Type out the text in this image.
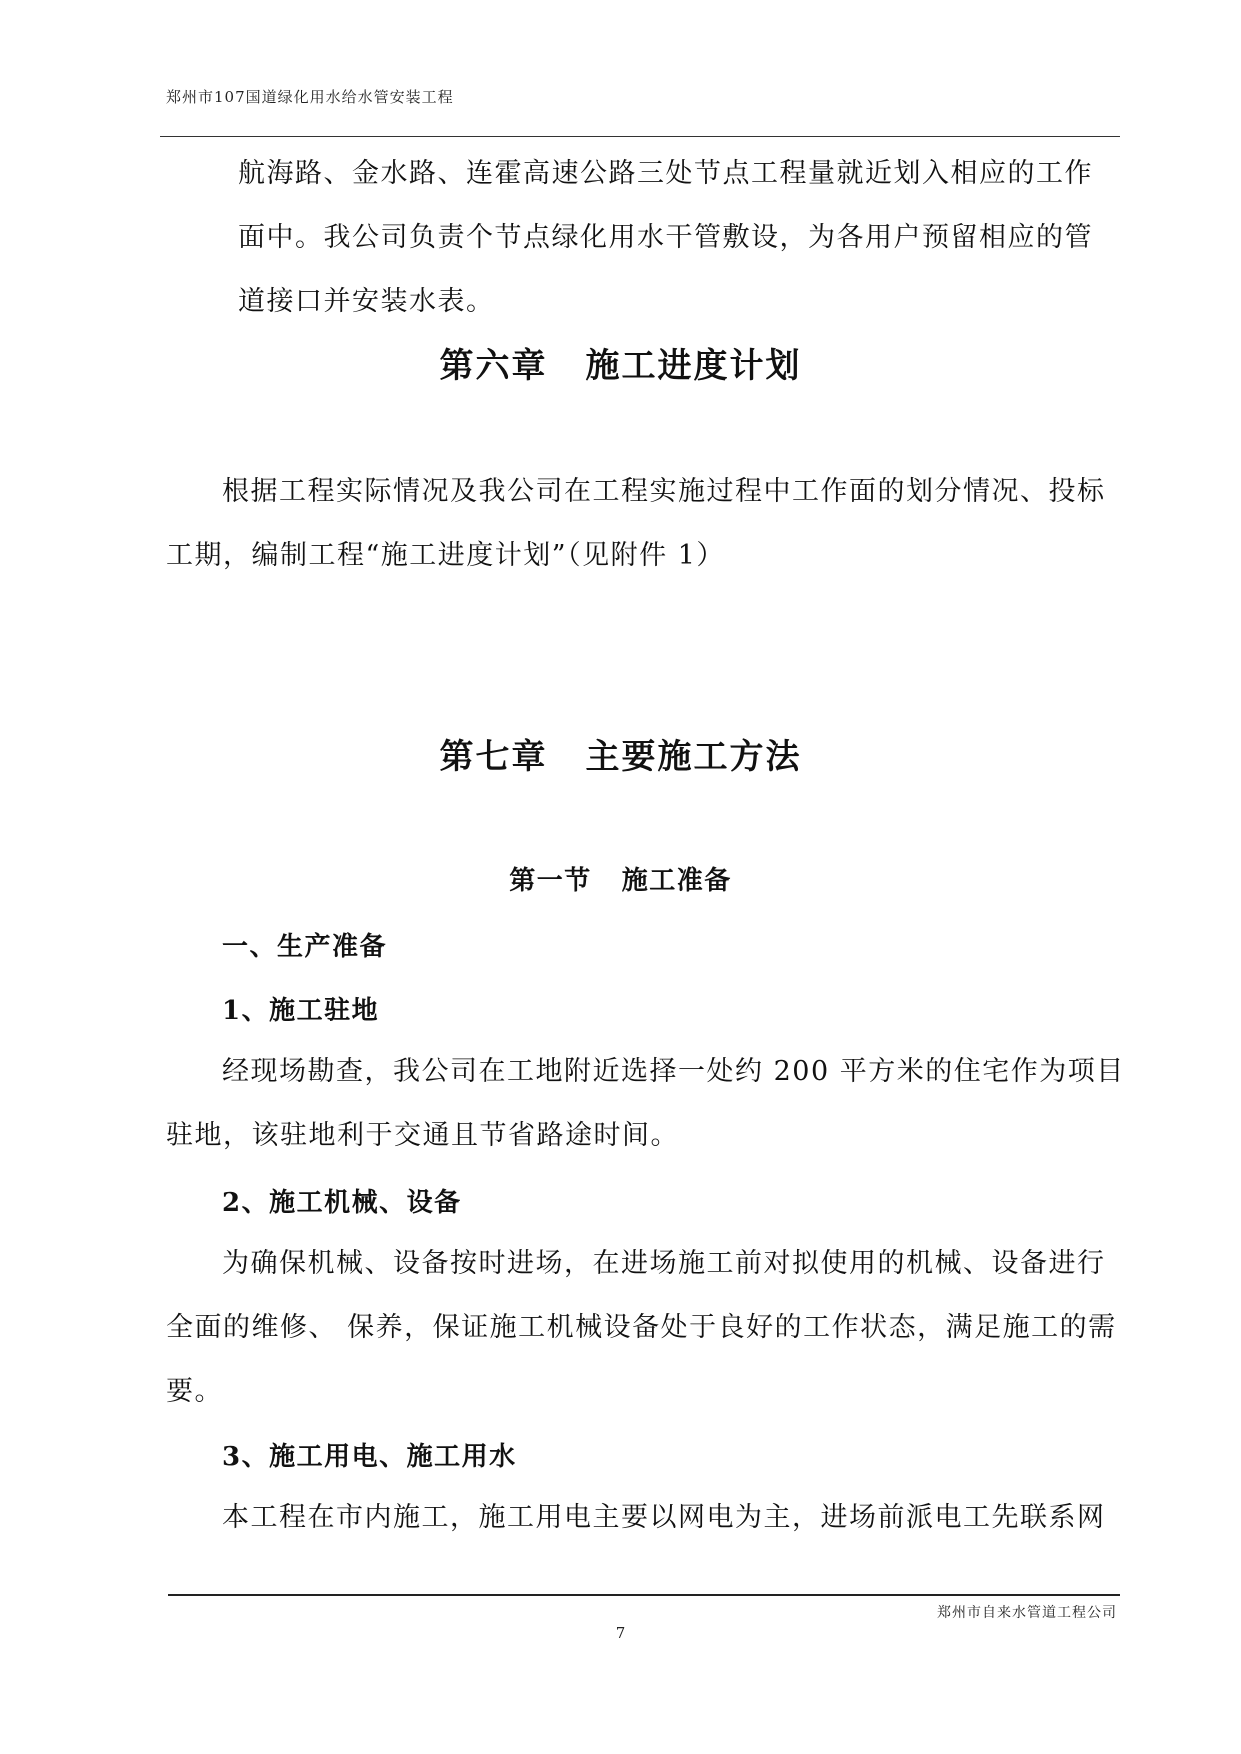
郑州市107国道绿化用水给水管安装工程
航海路、金水路、连霍高速公路三处节点工程量就近划入相应的工作
面中。我公司负责个节点绿化用水干管敷设，为各用户预留相应的管
道接口并安装水表。
第六章 施工进度计划
根据工程实际情况及我公司在工程实施过程中工作面的划分情况、投标
工期，编制工程“施工进度计划”（见附件 1）
第七章 主要施工方法
第一节 施工准备
一、生产准备
1、施工驻地
经现场勘查，我公司在工地附近选择一处约 200 平方米的住宅作为项目
驻地，该驻地利于交通且节省路途时间。
2、施工机械、设备
为确保机械、设备按时进场，在进场施工前对拟使用的机械、设备进行
全面的维修、 保养，保证施工机械设备处于良好的工作状态，满足施工的需
要。
3、施工用电、施工用水
本工程在市内施工，施工用电主要以网电为主，进场前派电工先联系网
郑州市自来水管道工程公司
7
